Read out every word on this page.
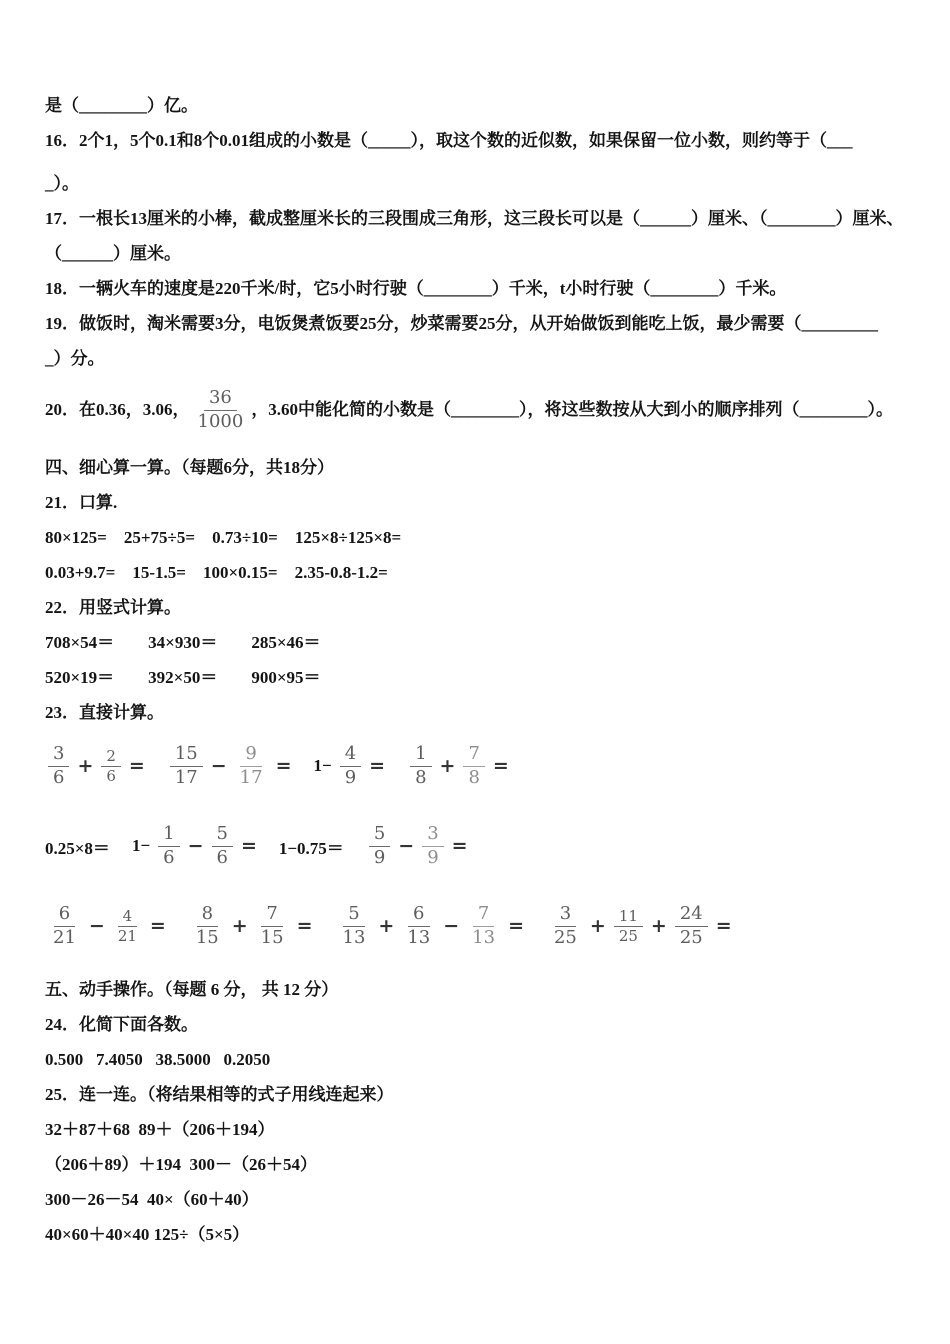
是（________）亿。

16．2个1，5个0.1和8个0.01组成的小数是（_____），取这个数的近似数，如果保留一位小数，则约等于（___

_）。

17．一根长13厘米的小棒，截成整厘米长的三段围成三角形，这三段长可以是（______）厘米、（________）厘米、

（______）厘米。

18．一辆火车的速度是220千米/时，它5小时行驶（________）千米，t小时行驶（________）千米。

19．做饭时，淘米需要3分，电饭煲煮饭要25分，炒菜需要25分，从开始做饭到能吃上饭，最少需要（_________

_）分。

20．在0.36，3.06， $\frac{36}{1000}$ ，3.60中能化简的小数是（________），将这些数按从大到小的顺序排列（________）。

四、细心算一算。（每题6分，共18分）

21．口算.

80×125=    25+75÷5=    0.73÷10=    125×8÷125×8=

0.03+9.7=    15-1.5=    100×0.15=    2.35-0.8-1.2=

22．用竖式计算。

708×54＝        34×930＝        285×46＝

520×19＝        392×50＝        900×95＝

23．直接计算。

$\frac{3}{6} + \frac{2}{6} = \frac{15}{17} - \frac{9}{17} = 1- \frac{4}{9} = \frac{1}{8} + \frac{7}{8}$ =
$0.25\times 8= 1- \frac{1}{6} - \frac{5}{6} = 1-0.75= \frac{5}{9} - \frac{3}{9}$ =
$\frac{6}{21} - \frac{4}{21} = \frac{8}{15} + \frac{7}{15} = \frac{5}{13} + \frac{6}{13} - \frac{7}{13} = \frac{3}{25} + \frac{11}{25} + \frac{24}{25}$ =

五、动手操作。（每题 6 分， 共 12 分）

24．化简下面各数。

0.500   7.4050   38.5000   0.2050

25．连一连。（将结果相等的式子用线连起来）

32＋87＋68  89＋（206＋194）

（206＋89）＋194  300－（26＋54）

300－26－54  40×（60＋40）

40×60＋40×40 125÷（5×5）
